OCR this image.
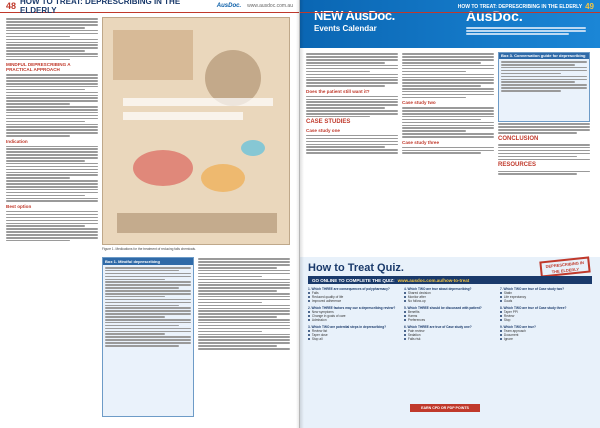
48 HOW TO TREAT: DEPRESCRIBING IN THE ELDERLY	AusDoc. www.ausdoc.com.au
MINDFUL DEPRESCRIBING A PRACTICAL APPROACH
Indication
Best option
Figure 1. Medications for the treatment of reducing falls chemicals.
Box 1. Mindful deprescribing
NEW AusDoc.
Events Calendar
AusDoc.
Does the patient still want it?
CASE STUDIES
Case study one
Case study two
Case study three
Box 3. Conversation guide for deprescribing
CONCLUSION
RESOURCES
How to Treat Quiz.	DEPRESCRIBING IN THE ELDERLY
GO ONLINE TO COMPLETE THE QUIZ: www.ausdoc.com.au/how-to-treat
1. Which THREE are consequences of polypharmacy?
Falls
Reduced quality of life
Improved adherence
2. Which THREE factors may cue a deprescribing review?
New symptoms
Change in goals of care
Admission
3. Which TWO are potential steps in deprescribing?
Review list
Taper dose
Stop all
4. Which TWO are true about deprescribing?
Shared decision
Monitor after
No follow-up
5. Which THREE should be discussed with patient?
Benefits
Harms
Preferences
6. Which THREE are true of Case study one?
Pain review
Sedation
Falls risk
7. Which TWO are true of Case study two?
Statin
Life expectancy
Goals
8. Which TWO are true of Case study three?
Taper PPI
Review
Stop
9. Which TWO are true?
Team approach
Document
Ignore
EARN CPD OR PDP POINTS
HOW TO TREAT: DEPRESCRIBING IN THE ELDERLY 49
